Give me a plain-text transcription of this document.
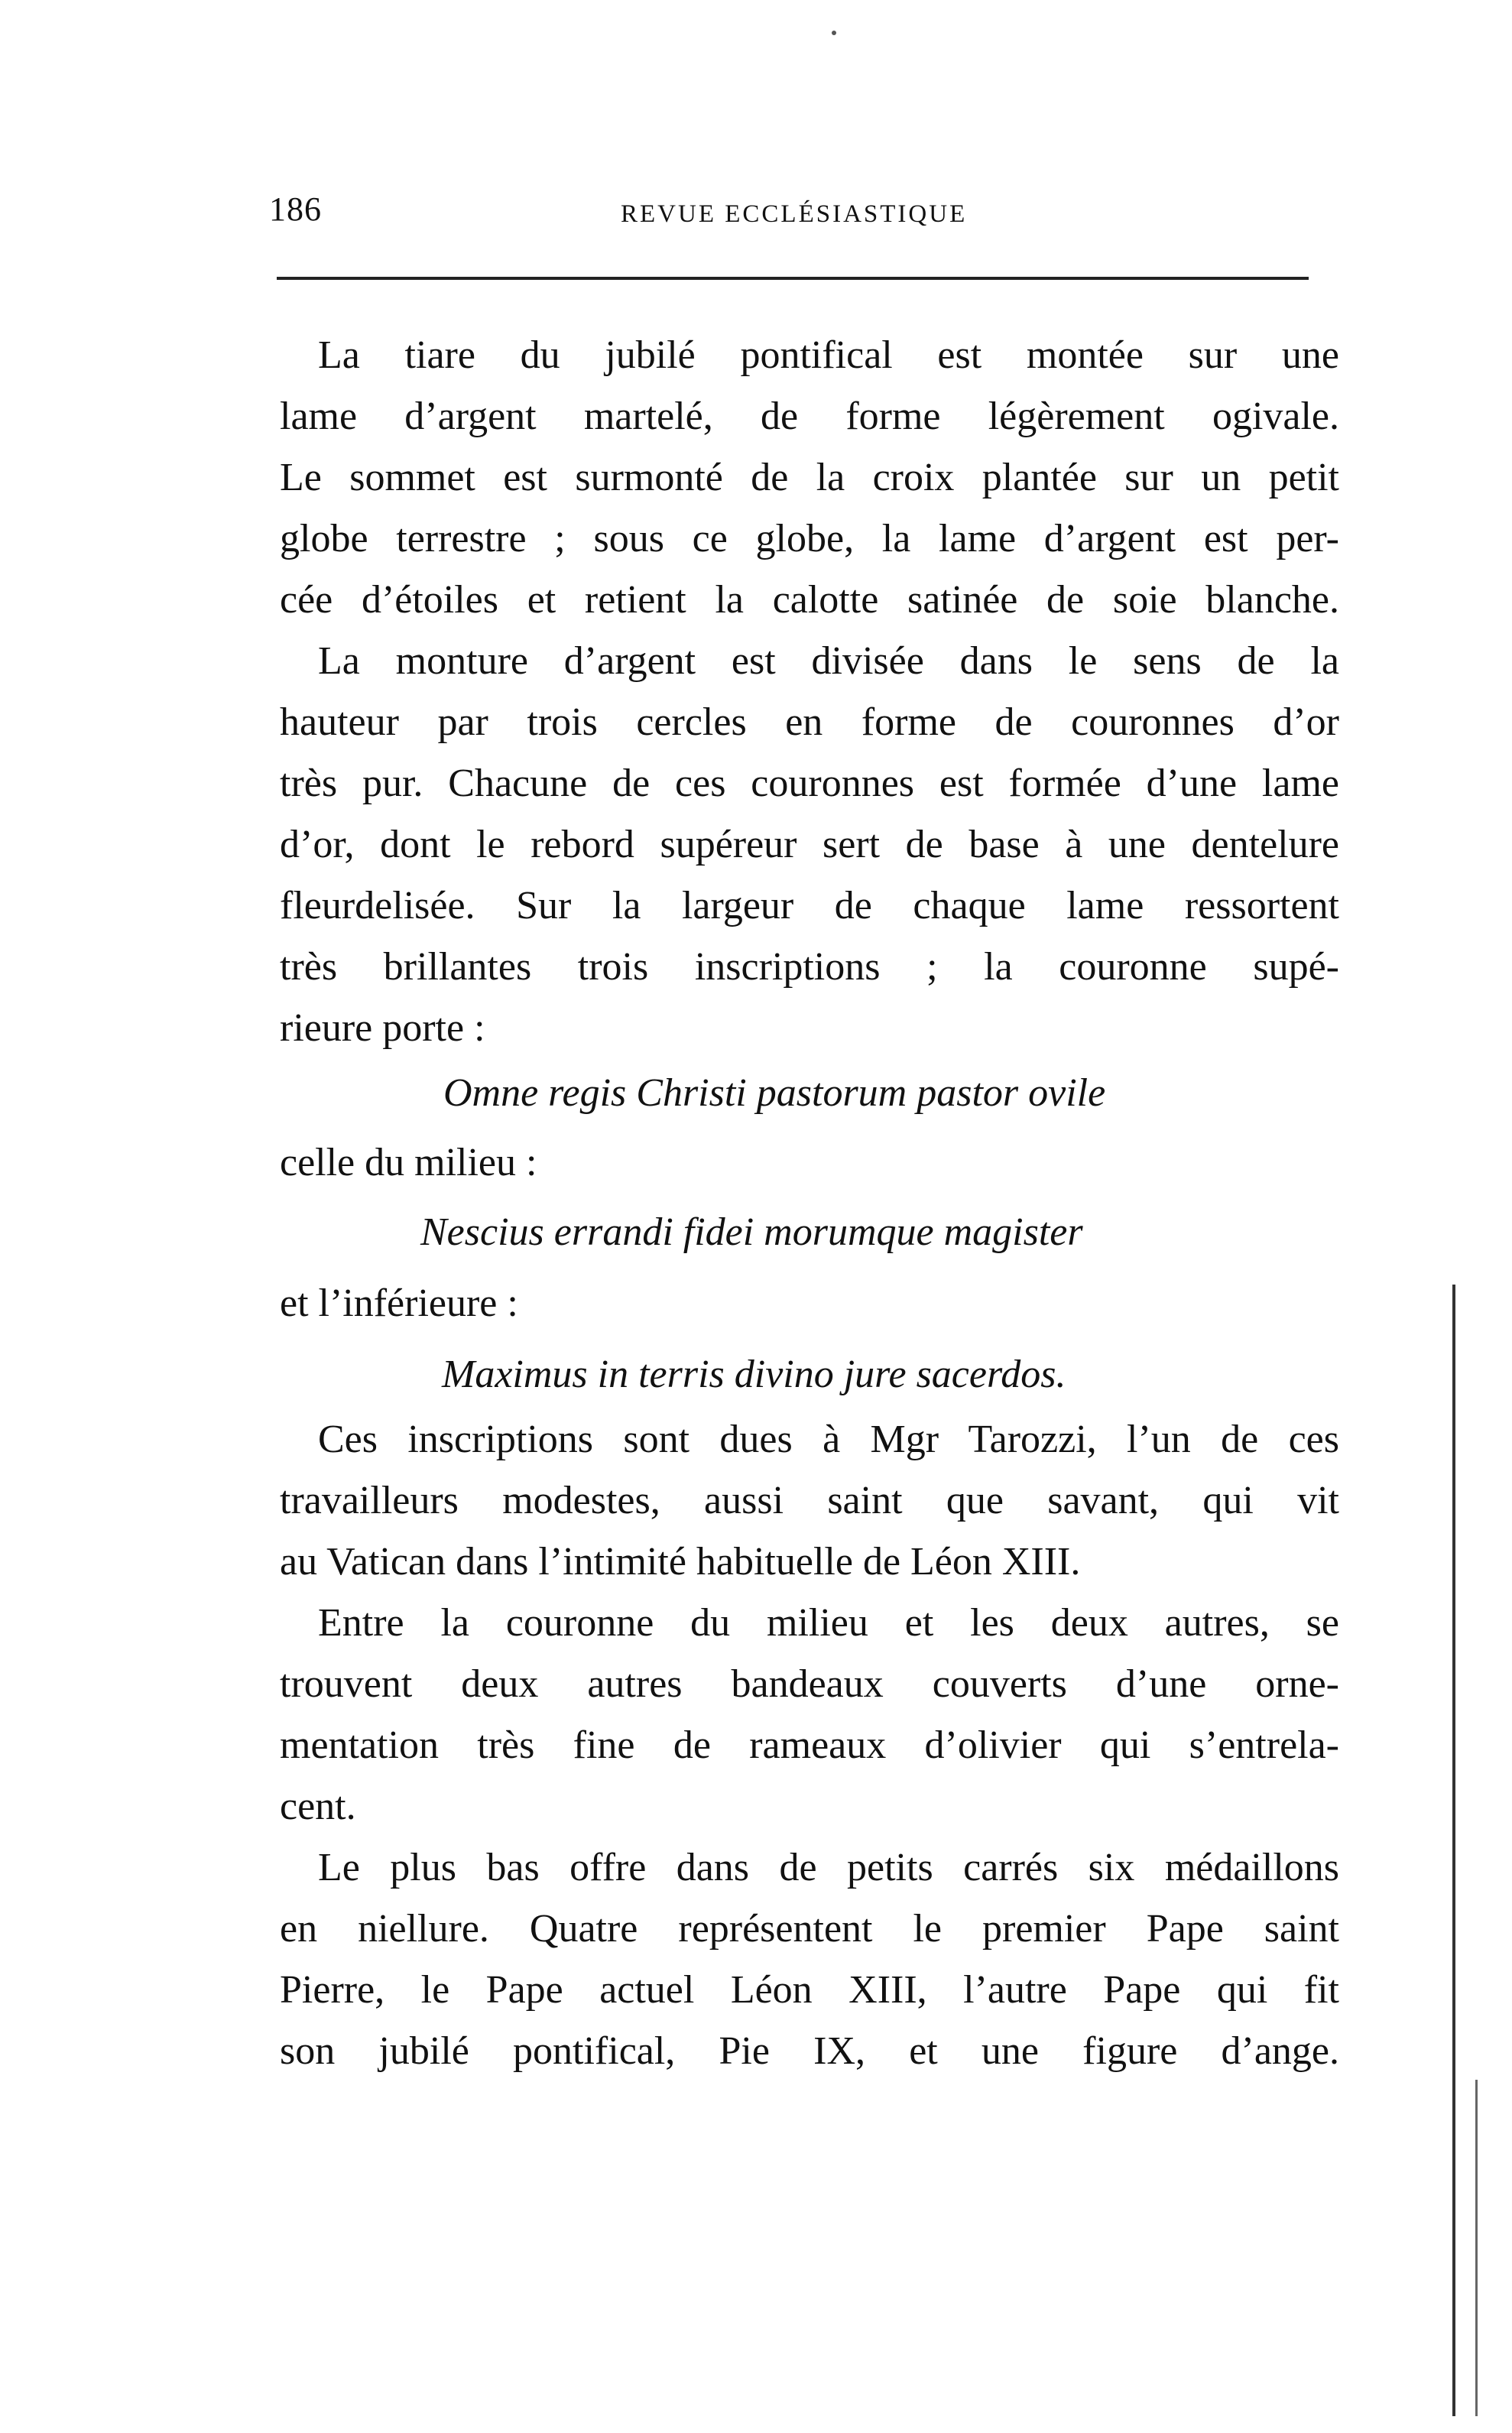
186	REVUE ECCLÉSIASTIQUE
La tiare du jubilé pontifical est montée sur une
lame d’argent martelé, de forme légèrement ogivale.
Le sommet est surmonté de la croix plantée sur un petit
globe terrestre ; sous ce globe, la lame d’argent est per-
cée d’étoiles et retient la calotte satinée de soie blanche.
La monture d’argent est divisée dans le sens de la
hauteur par trois cercles en forme de couronnes d’or
très pur. Chacune de ces couronnes est formée d’une lame
d’or, dont le rebord supéreur sert de base à une dentelure
fleurdelisée. Sur la largeur de chaque lame ressortent
très brillantes trois inscriptions ; la couronne supé-
rieure porte :
Omne regis Christi pastorum pastor ovile
celle du milieu :
Nescius errandi fidei morumque magister
et l’inférieure :
Maximus in terris divino jure sacerdos.
Ces inscriptions sont dues à Mgr Tarozzi, l’un de ces
travailleurs modestes, aussi saint que savant, qui vit
au Vatican dans l’intimité habituelle de Léon XIII.
Entre la couronne du milieu et les deux autres, se
trouvent deux autres bandeaux couverts d’une orne-
mentation très fine de rameaux d’olivier qui s’entrela-
cent.
Le plus bas offre dans de petits carrés six médaillons
en niellure. Quatre représentent le premier Pape saint
Pierre, le Pape actuel Léon XIII, l’autre Pape qui fit
son jubilé pontifical, Pie IX, et une figure d’ange.
